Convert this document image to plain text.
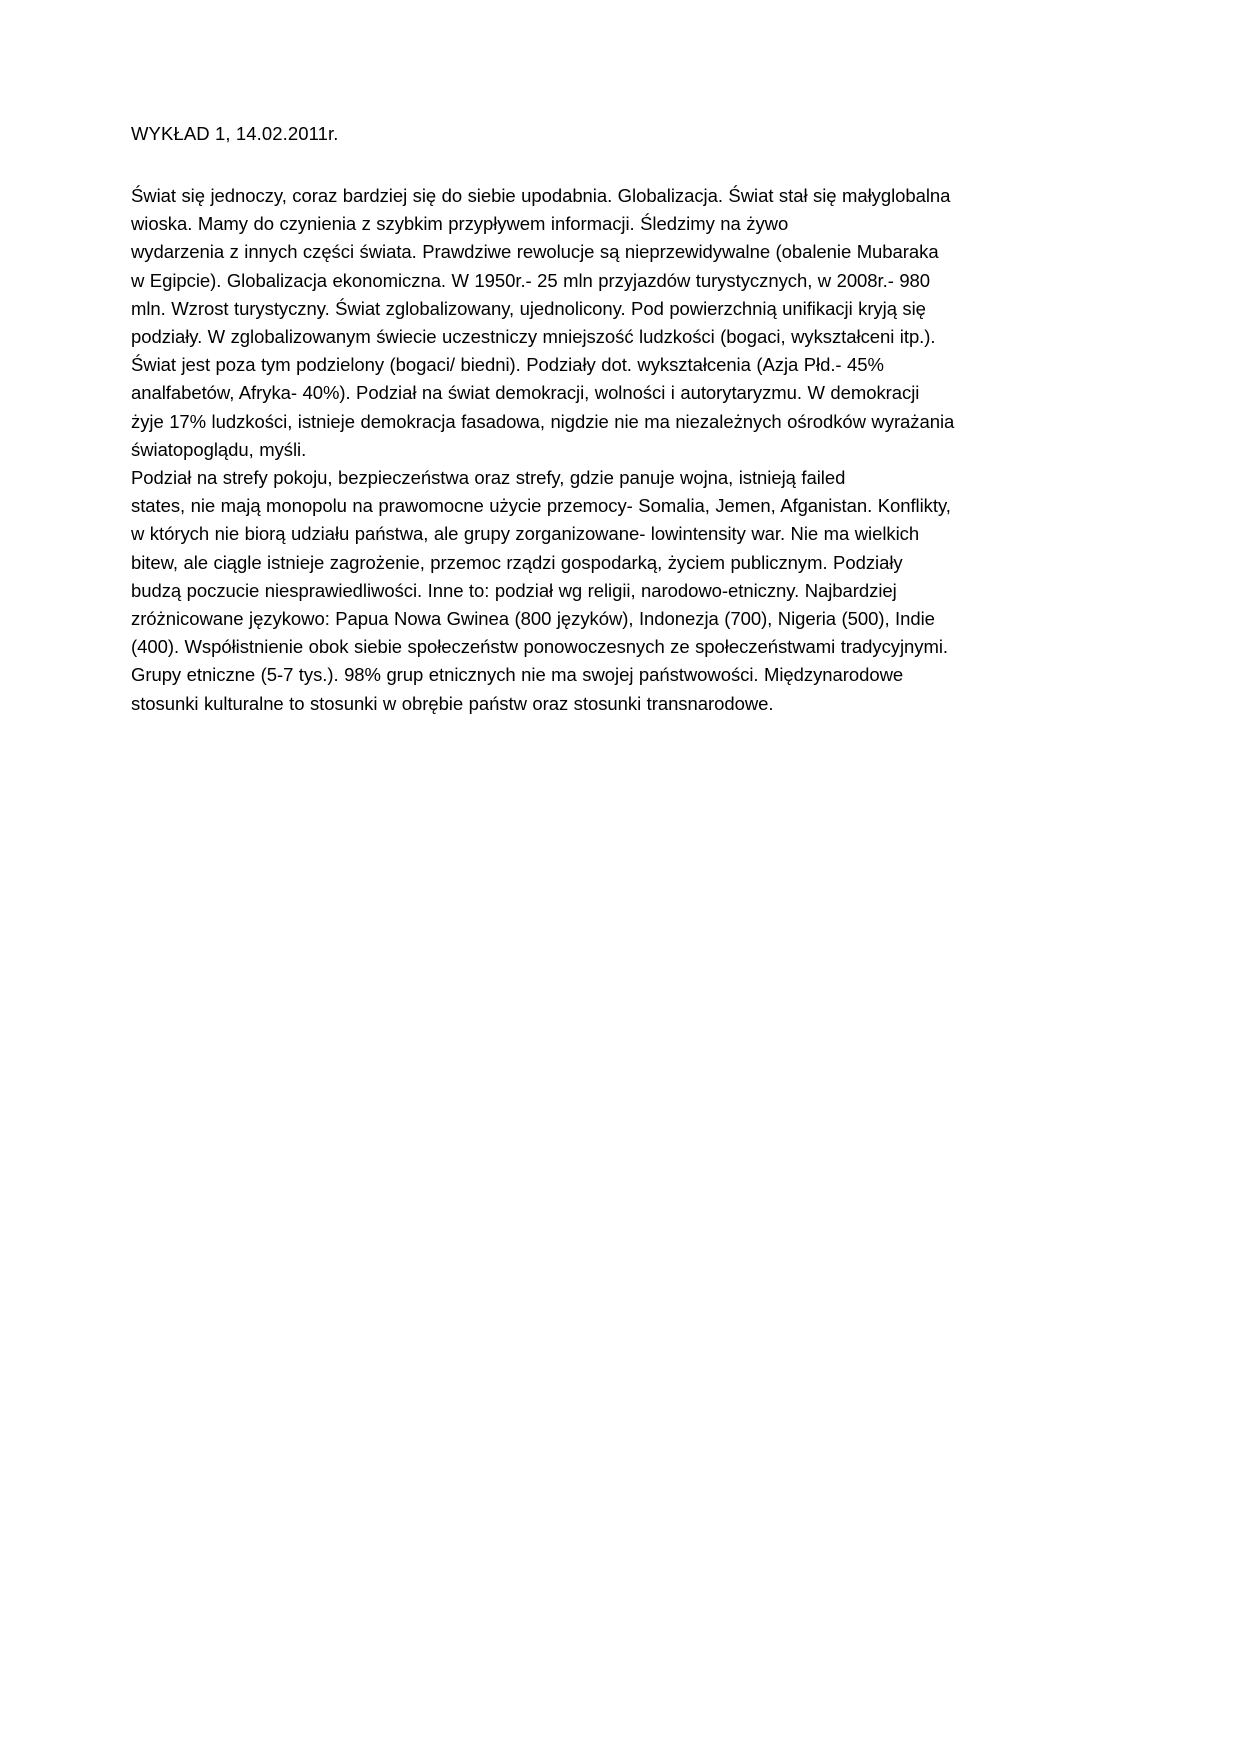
WYKŁAD 1, 14.02.2011r.

Świat się jednoczy, coraz bardziej się do siebie upodabnia. Globalizacja. Świat stał się małyglobalna
wioska. Mamy do czynienia z szybkim przypływem informacji. Śledzimy na żywo
wydarzenia z innych części świata. Prawdziwe rewolucje są nieprzewidywalne (obalenie Mubaraka
w Egipcie). Globalizacja ekonomiczna. W 1950r.- 25 mln przyjazdów turystycznych, w 2008r.- 980
mln. Wzrost turystyczny. Świat zglobalizowany, ujednolicony. Pod powierzchnią unifikacji kryją się
podziały. W zglobalizowanym świecie uczestniczy mniejszość ludzkości (bogaci, wykształceni itp.).
Świat jest poza tym podzielony (bogaci/ biedni). Podziały dot. wykształcenia (Azja Płd.- 45%
analfabetów, Afryka- 40%). Podział na świat demokracji, wolności i autorytaryzmu. W demokracji
żyje 17% ludzkości, istnieje demokracja fasadowa, nigdzie nie ma niezależnych ośrodków wyrażania
światopoglądu, myśli.

Podział na strefy pokoju, bezpieczeństwa oraz strefy, gdzie panuje wojna, istnieją failed
states, nie mają monopolu na prawomocne użycie przemocy- Somalia, Jemen, Afganistan. Konflikty,
w których nie biorą udziału państwa, ale grupy zorganizowane- lowintensity war. Nie ma wielkich
bitew, ale ciągle istnieje zagrożenie, przemoc rządzi gospodarką, życiem publicznym. Podziały
budzą poczucie niesprawiedliwości. Inne to: podział wg religii, narodowo-etniczny. Najbardziej
zróżnicowane językowo: Papua Nowa Gwinea (800 języków), Indonezja (700), Nigeria (500), Indie
(400). Współistnienie obok siebie społeczeństw ponowoczesnych ze społeczeństwami tradycyjnymi.
Grupy etniczne (5-7 tys.). 98% grup etnicznych nie ma swojej państwowości. Międzynarodowe
stosunki kulturalne to stosunki w obrębie państw oraz stosunki transnarodowe.
